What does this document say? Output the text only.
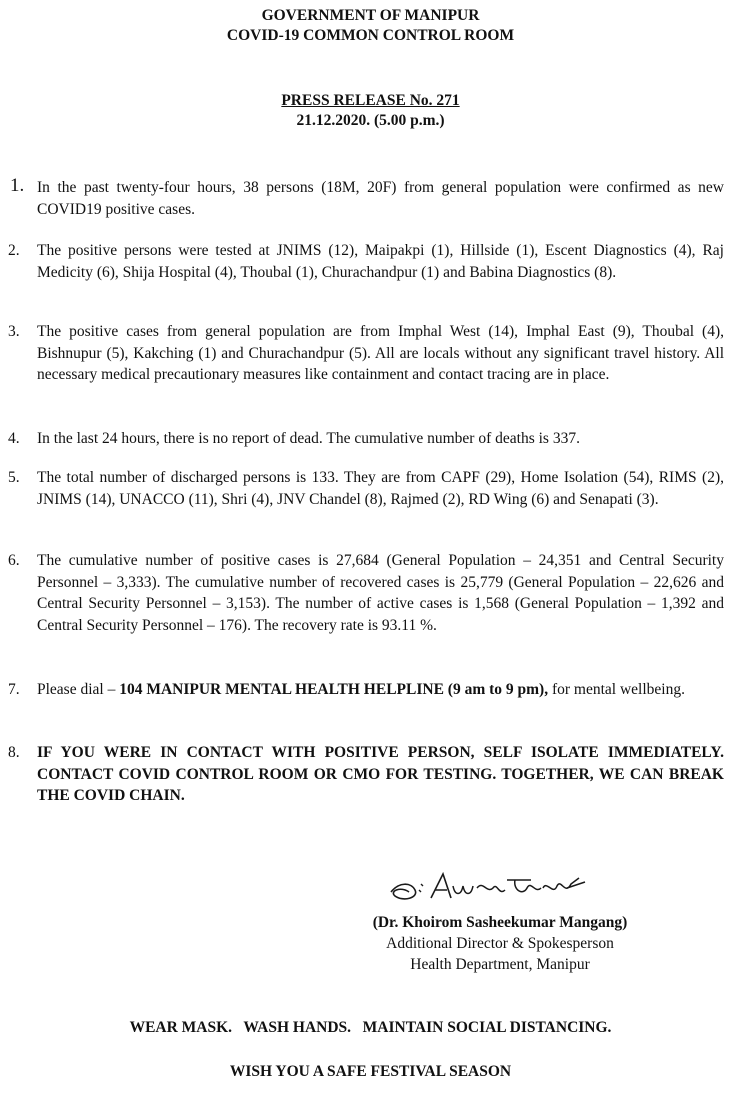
GOVERNMENT OF MANIPUR
COVID-19 COMMON CONTROL ROOM
PRESS RELEASE No. 271
21.12.2020. (5.00 p.m.)
1. In the past twenty-four hours, 38 persons (18M, 20F) from general population were confirmed as new COVID19 positive cases.
2.	The positive persons were tested at JNIMS (12), Maipakpi (1), Hillside (1), Escent Diagnostics (4), Raj Medicity (6), Shija Hospital (4), Thoubal (1), Churachandpur (1) and Babina Diagnostics (8).
3.	The positive cases from general population are from Imphal West (14), Imphal East (9), Thoubal (4), Bishnupur (5), Kakching (1) and Churachandpur (5). All are locals without any significant travel history. All necessary medical precautionary measures like containment and contact tracing are in place.
4.	In the last 24 hours, there is no report of dead. The cumulative number of deaths is 337.
5.	The total number of discharged persons is 133. They are from CAPF (29), Home Isolation (54), RIMS (2), JNIMS (14), UNACCO (11), Shri (4), JNV Chandel (8), Rajmed (2), RD Wing (6) and Senapati (3).
6.	The cumulative number of positive cases is 27,684 (General Population – 24,351 and Central Security Personnel – 3,333). The cumulative number of recovered cases is 25,779 (General Population – 22,626 and Central Security Personnel – 3,153). The number of active cases is 1,568 (General Population – 1,392 and Central Security Personnel – 176). The recovery rate is 93.11 %.
7.	Please dial – 104 MANIPUR MENTAL HEALTH HELPLINE (9 am to 9 pm), for mental wellbeing.
8.	IF YOU WERE IN CONTACT WITH POSITIVE PERSON, SELF ISOLATE IMMEDIATELY. CONTACT COVID CONTROL ROOM OR CMO FOR TESTING. TOGETHER, WE CAN BREAK THE COVID CHAIN.
(Dr. Khoirom Sasheekumar Mangang)
Additional Director & Spokesperson
Health Department, Manipur
WEAR MASK.   WASH HANDS.   MAINTAIN SOCIAL DISTANCING.
WISH YOU A SAFE FESTIVAL SEASON
